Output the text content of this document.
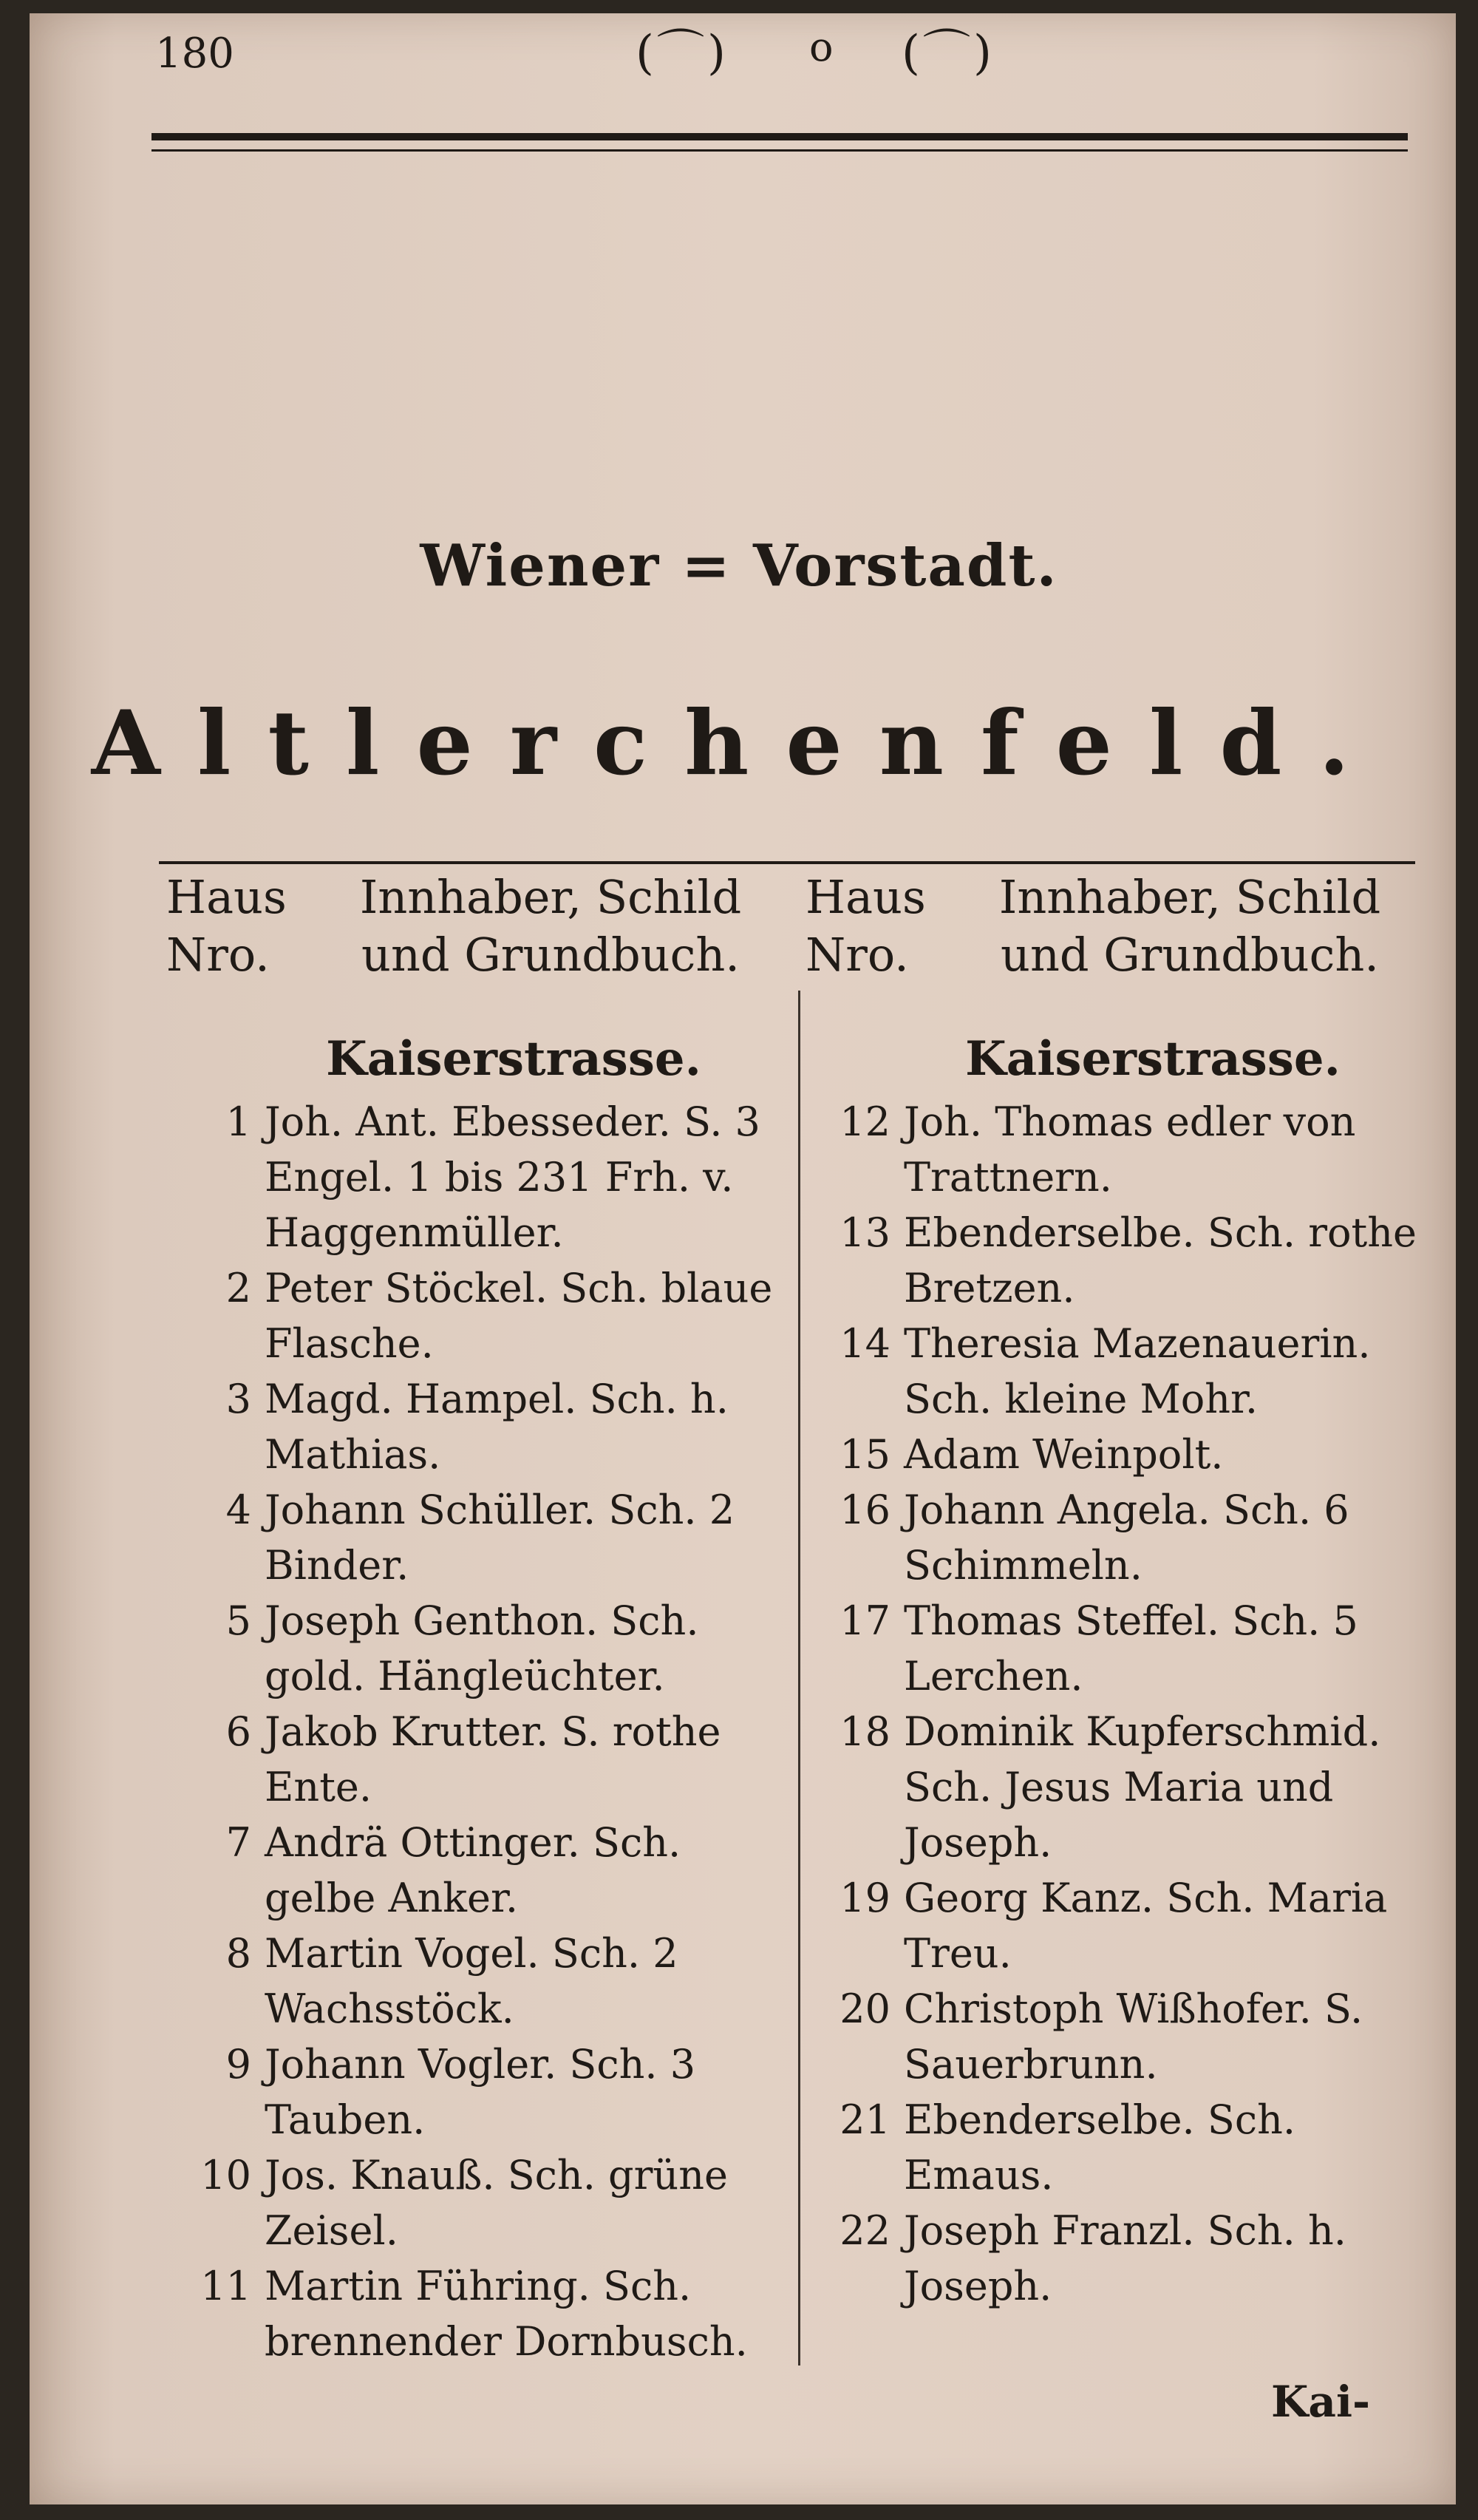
180	(⌒) o (⌒)
Wiener = Vorstadt.
Altlerchenfeld.
Haus
Nro.
Innhaber, Schild
und Grundbuch.
Haus
Nro.
Innhaber, Schild
und Grundbuch.
Kaiserstrasse.
1 Joh. Ant. Ebesseder. S. 3 Engel. 1 bis 231 Frh. v. Haggenmüller.
2 Peter Stöckel. Sch. blaue Flasche.
3 Magd. Hampel. Sch. h. Mathias.
4 Johann Schüller. Sch. 2 Binder.
5 Joseph Genthon. Sch. gold. Hängleüchter.
6 Jakob Krutter. S. rothe Ente.
7 Andrä Ottinger. Sch. gelbe Anker.
8 Martin Vogel. Sch. 2 Wachsstöck.
9 Johann Vogler. Sch. 3 Tauben.
10 Jos. Knauß. Sch. grüne Zeisel.
11 Martin Führing. Sch. brennender Dornbusch.
Kaiserstrasse.
12 Joh. Thomas edler von Trattnern.
13 Ebenderselbe. Sch. rothe Bretzen.
14 Theresia Mazenauerin. Sch. kleine Mohr.
15 Adam Weinpolt.
16 Johann Angela. Sch. 6 Schimmeln.
17 Thomas Steffel. Sch. 5 Lerchen.
18 Dominik Kupferschmid. Sch. Jesus Maria und Joseph.
19 Georg Kanz. Sch. Maria Treu.
20 Christoph Wißhofer. S. Sauerbrunn.
21 Ebenderselbe. Sch. Emaus.
22 Joseph Franzl. Sch. h. Joseph.
Kai-
